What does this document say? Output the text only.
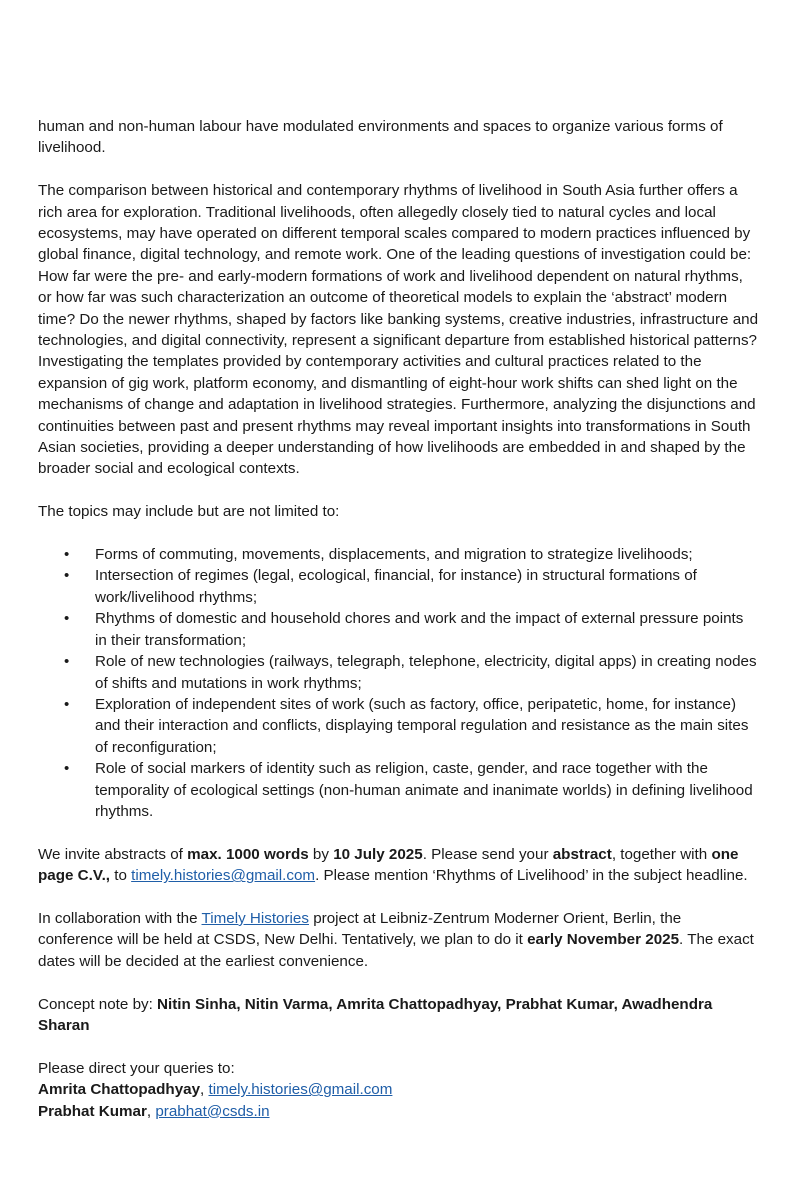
human and non-human labour have modulated environments and spaces to organize various forms of livelihood.

The comparison between historical and contemporary rhythms of livelihood in South Asia further offers a rich area for exploration. Traditional livelihoods, often allegedly closely tied to natural cycles and local ecosystems, may have operated on different temporal scales compared to modern practices influenced by global finance, digital technology, and remote work. One of the leading questions of investigation could be: How far were the pre- and early-modern formations of work and livelihood dependent on natural rhythms, or how far was such characterization an outcome of theoretical models to explain the ‘abstract’ modern time? Do the newer rhythms, shaped by factors like banking systems, creative industries, infrastructure and technologies, and digital connectivity, represent a significant departure from established historical patterns? Investigating the templates provided by contemporary activities and cultural practices related to the expansion of gig work, platform economy, and dismantling of eight-hour work shifts can shed light on the mechanisms of change and adaptation in livelihood strategies. Furthermore, analyzing the disjunctions and continuities between past and present rhythms may reveal important insights into transformations in South Asian societies, providing a deeper understanding of how livelihoods are embedded in and shaped by the broader social and ecological contexts.

The topics may include but are not limited to:

• Forms of commuting, movements, displacements, and migration to strategize livelihoods;
• Intersection of regimes (legal, ecological, financial, for instance) in structural formations of work/livelihood rhythms;
• Rhythms of domestic and household chores and work and the impact of external pressure points in their transformation;
• Role of new technologies (railways, telegraph, telephone, electricity, digital apps) in creating nodes of shifts and mutations in work rhythms;
• Exploration of independent sites of work (such as factory, office, peripatetic, home, for instance) and their interaction and conflicts, displaying temporal regulation and resistance as the main sites of reconfiguration;
• Role of social markers of identity such as religion, caste, gender, and race together with the temporality of ecological settings (non-human animate and inanimate worlds) in defining livelihood rhythms.

We invite abstracts of max. 1000 words by 10 July 2025. Please send your abstract, together with one page C.V., to timely.histories@gmail.com. Please mention ‘Rhythms of Livelihood’ in the subject headline.

In collaboration with the Timely Histories project at Leibniz-Zentrum Moderner Orient, Berlin, the conference will be held at CSDS, New Delhi. Tentatively, we plan to do it early November 2025. The exact dates will be decided at the earliest convenience.

Concept note by: Nitin Sinha, Nitin Varma, Amrita Chattopadhyay, Prabhat Kumar, Awadhendra Sharan

Please direct your queries to:

Amrita Chattopadhyay, timely.histories@gmail.com

Prabhat Kumar, prabhat@csds.in
